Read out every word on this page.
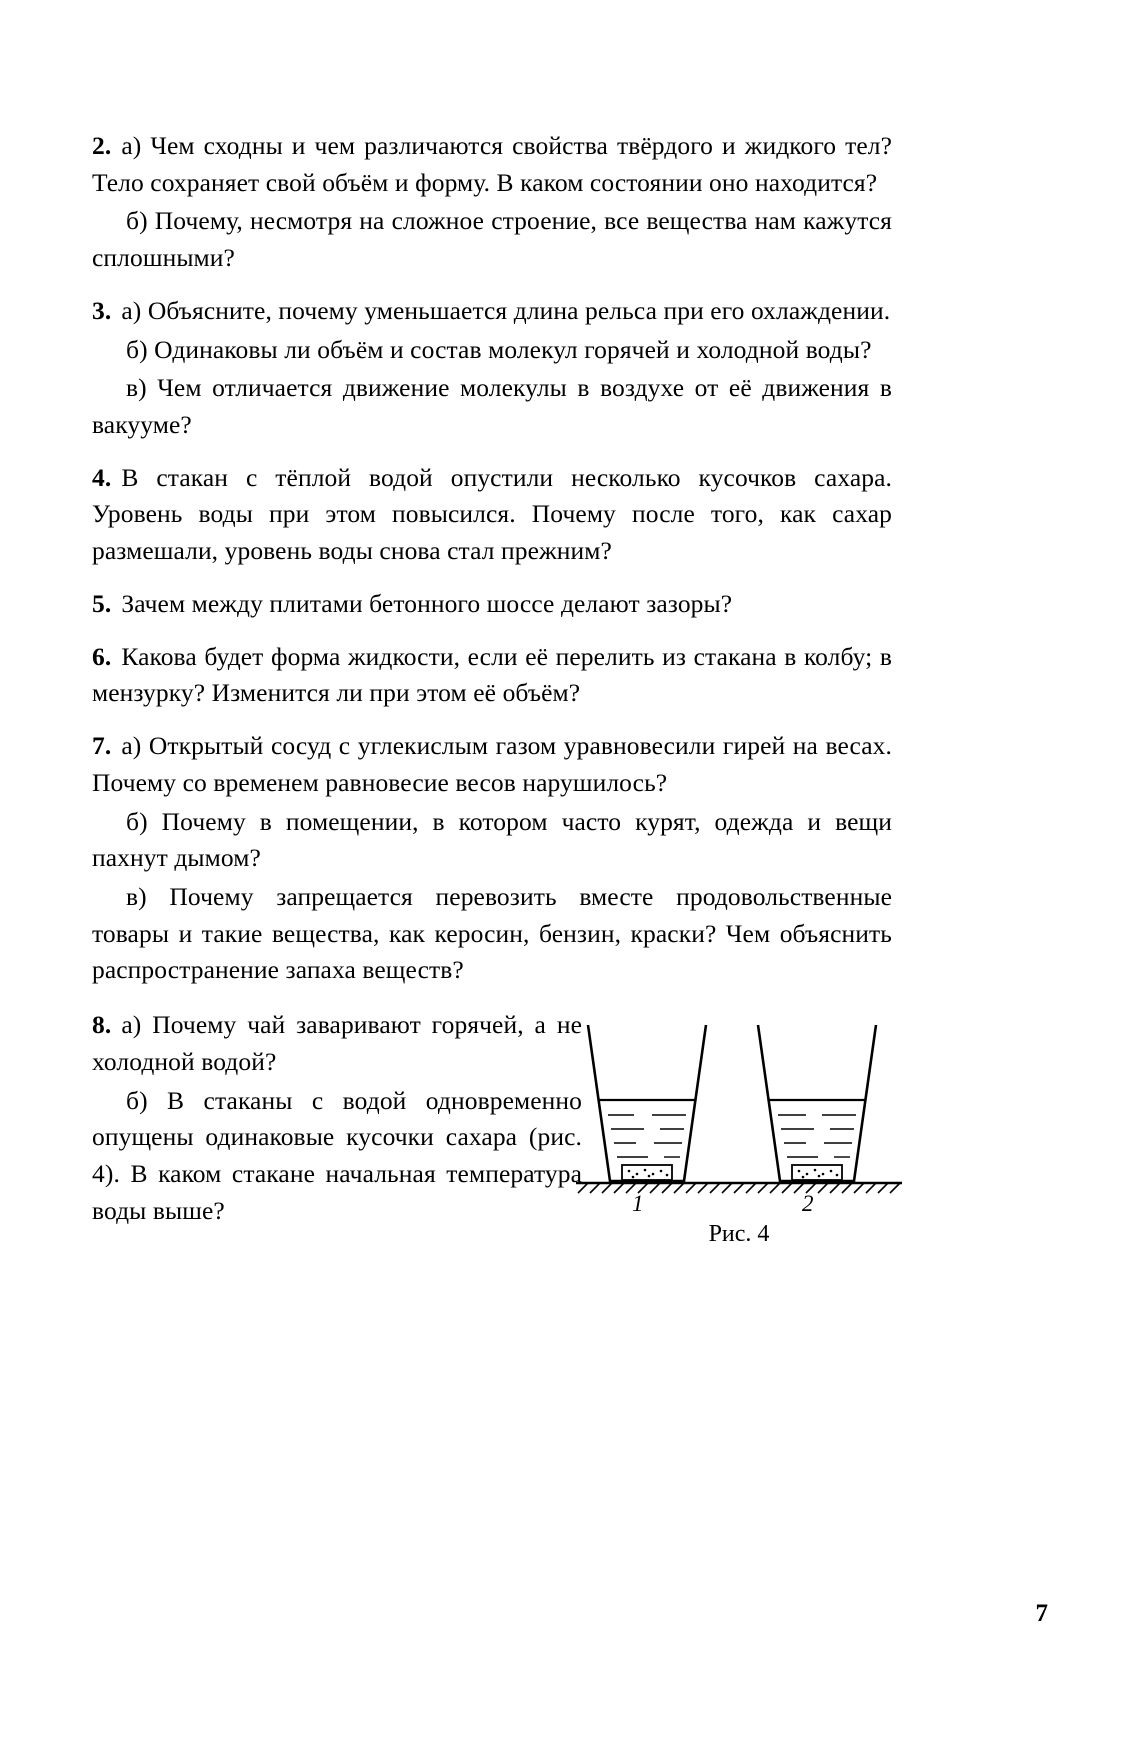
2. а) Чем сходны и чем различаются свойства твёрдого и жидкого тел? Тело сохраняет свой объём и форму. В каком состоянии оно находится?

б) Почему, несмотря на сложное строение, все вещества нам кажутся сплошными?

3. а) Объясните, почему уменьшается длина рельса при его охлаждении.

б) Одинаковы ли объём и состав молекул горячей и холодной воды?

в) Чем отличается движение молекулы в воздухе от её движения в вакууме?

4. В стакан с тёплой водой опустили несколько кусочков сахара. Уровень воды при этом повысился. Почему после того, как сахар размешали, уровень воды снова стал прежним?

5. Зачем между плитами бетонного шоссе делают зазоры?

6. Какова будет форма жидкости, если её перелить из стакана в колбу; в мензурку? Изменится ли при этом её объём?

7. а) Открытый сосуд с углекислым газом уравновесили гирей на весах. Почему со временем равновесие весов нарушилось?

б) Почему в помещении, в котором часто курят, одежда и вещи пахнут дымом?

в) Почему запрещается перевозить вместе продовольственные товары и такие вещества, как керосин, бензин, краски? Чем объяснить распространение запаха веществ?

8. а) Почему чай заваривают горячей, а не холодной водой?

б) В стаканы с водой одновременно опущены одинаковые кусочки сахара (рис. 4). В каком стакане начальная температура воды выше?	1	2
Рис. 4
7
